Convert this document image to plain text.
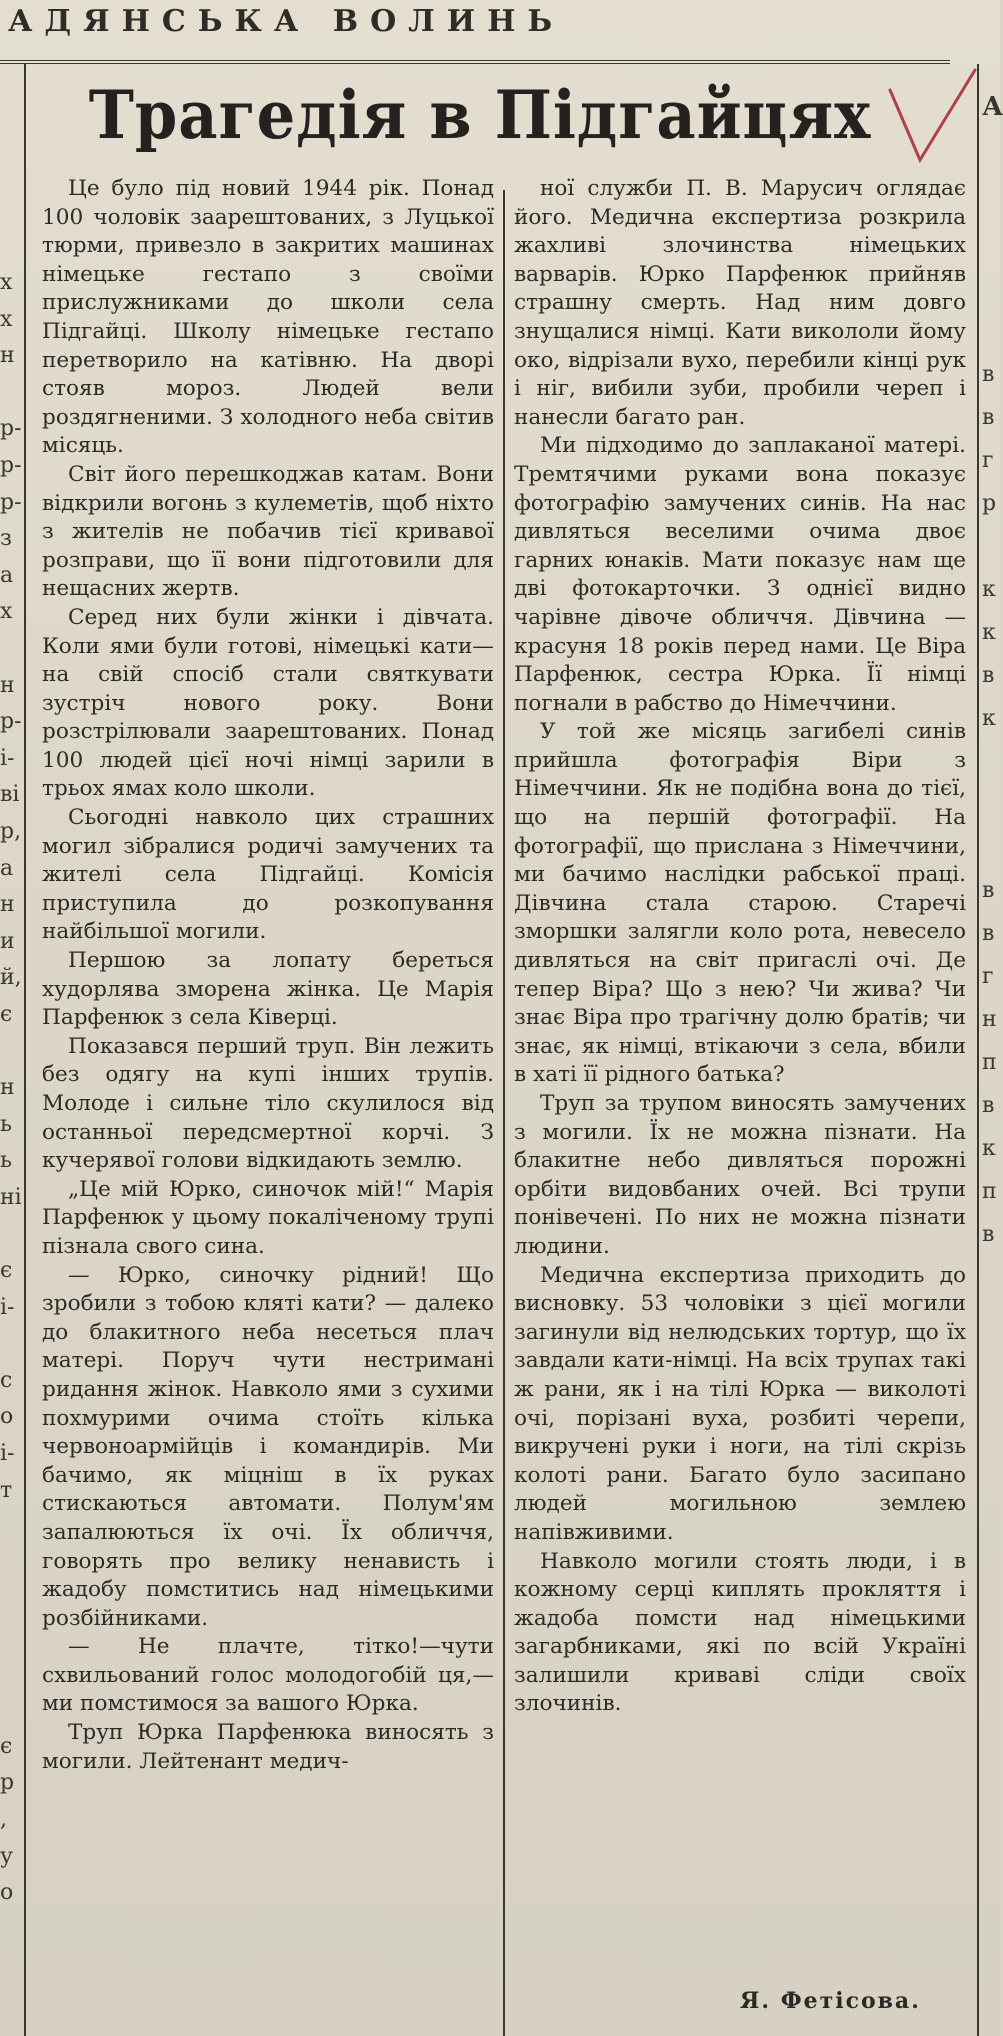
АДЯНСЬКА ВОЛИНЬ
х
х
н

р-
р-
р-
з
а
х

н
р-
і-
вi
р,
а
н
и
й,
є

н
ь
ь
ні

є
і-

с
о
і-
т

є
р
,
у
о
А

в
в
г
р

к
к
в
к

в
в
г
н
п
в
к
п
в

Трагедія в Підгайцях

Це було під новий 1944 рік. Понад 100 чоловік заарештованих, з Луцької тюрми, привезло в закритих машинах німецьке гестапо з своїми прислужниками до школи села Підгайці. Школу німецьке гестапо перетворило на катівню. На дворі стояв мороз. Людей вели роздягненими. З холодного неба світив місяць.

Світ його перешкоджав катам. Вони відкрили вогонь з кулеметів, щоб ніхто з жителів не побачив тієї кривавої розправи, що її вони підготовили для нещасних жертв.

Серед них були жінки і дівчата. Коли ями були готові, німецькі кати—на свій спосіб стали святкувати зустріч нового року. Вони розстрілювали заарештованих. Понад 100 людей цієї ночі німці зарили в трьох ямах коло школи.

Сьогодні навколо цих страшних могил зібралися родичі замучених та жителі села Підгайці. Комісія приступила до розкопування найбільшої могили.

Першою за лопату береться худорлява зморена жінка. Це Марія Парфенюк з села Ківерці.

Показався перший труп. Він лежить без одягу на купі інших трупів. Молоде і сильне тіло скулилося від останньої передсмертної корчі. З кучерявої голови відкидають землю.

„Це мій Юрко, синочок мій!“ Марія Парфенюк у цьому покаліченому трупі пізнала свого сина.

— Юрко, синочку рідний! Що зробили з тобою кляті кати? — далеко до блакитного неба несеться плач матері. Поруч чути нестримані ридання жінок. Навколо ями з сухими похмурими очима стоїть кілька червоноармійців і командирів. Ми бачимо, як міцніш в їх руках стискаються автомати. Полум'ям запалюються їх очі. Їх обличчя, говорять про велику ненависть і жадобу помститись над німецькими розбійниками.

— Не плачте, тітко!—чути схвильований голос молодогобій ця,— ми помстимося за вашого Юрка.

Труп Юрка Парфенюка виносять з могили. Лейтенант медич-

ної служби П. В. Марусич оглядає його. Медична експертиза розкрила жахливі злочинства німецьких варварів. Юрко Парфенюк прийняв страшну смерть. Над ним довго знущалися німці. Кати викололи йому око, відрізали вухо, перебили кінці рук і ніг, вибили зуби, пробили череп і нанесли багато ран.

Ми підходимо до заплаканої матері. Тремтячими руками вона показує фотографію замучених синів. На нас дивляться веселими очима двоє гарних юнаків. Мати показує нам ще дві фотокарточки. З однієї видно чарівне дівоче обличчя. Дівчина — красуня 18 років перед нами. Це Віра Парфенюк, сестра Юрка. Її німці погнали в рабство до Німеччини.

У той же місяць загибелі синів прийшла фотографія Віри з Німеччини. Як не подібна вона до тієї, що на першій фотографії. На фотографії, що прислана з Німеччини, ми бачимо наслідки рабської праці. Дівчина стала старою. Старечі зморшки залягли коло рота, невесело дивляться на світ пригаслі очі. Де тепер Віра? Що з нею? Чи жива? Чи знає Віра про трагічну долю братів; чи знає, як німці, втікаючи з села, вбили в хаті її рідного батька?

Труп за трупом виносять замучених з могили. Їх не можна пізнати. На блакитне небо дивляться порожні орбіти видовбаних очей. Всі трупи понівечені. По них не можна пізнати людини.

Медична експертиза приходить до висновку. 53 чоловіки з цієї могили загинули від нелюдських тортур, що їх завдали кати-німці. На всіх трупах такі ж рани, як і на тілі Юрка — виколоті очі, порізані вуха, розбиті черепи, викручені руки і ноги, на тілі скрізь колоті рани. Багато було засипано людей могильною землею напівживими.

Навколо могили стоять люди, і в кожному серці киплять прокляття і жадоба помсти над німецькими загарбниками, які по всій Україні залишили криваві сліди своїх злочинів.

Я. Фетісова.
